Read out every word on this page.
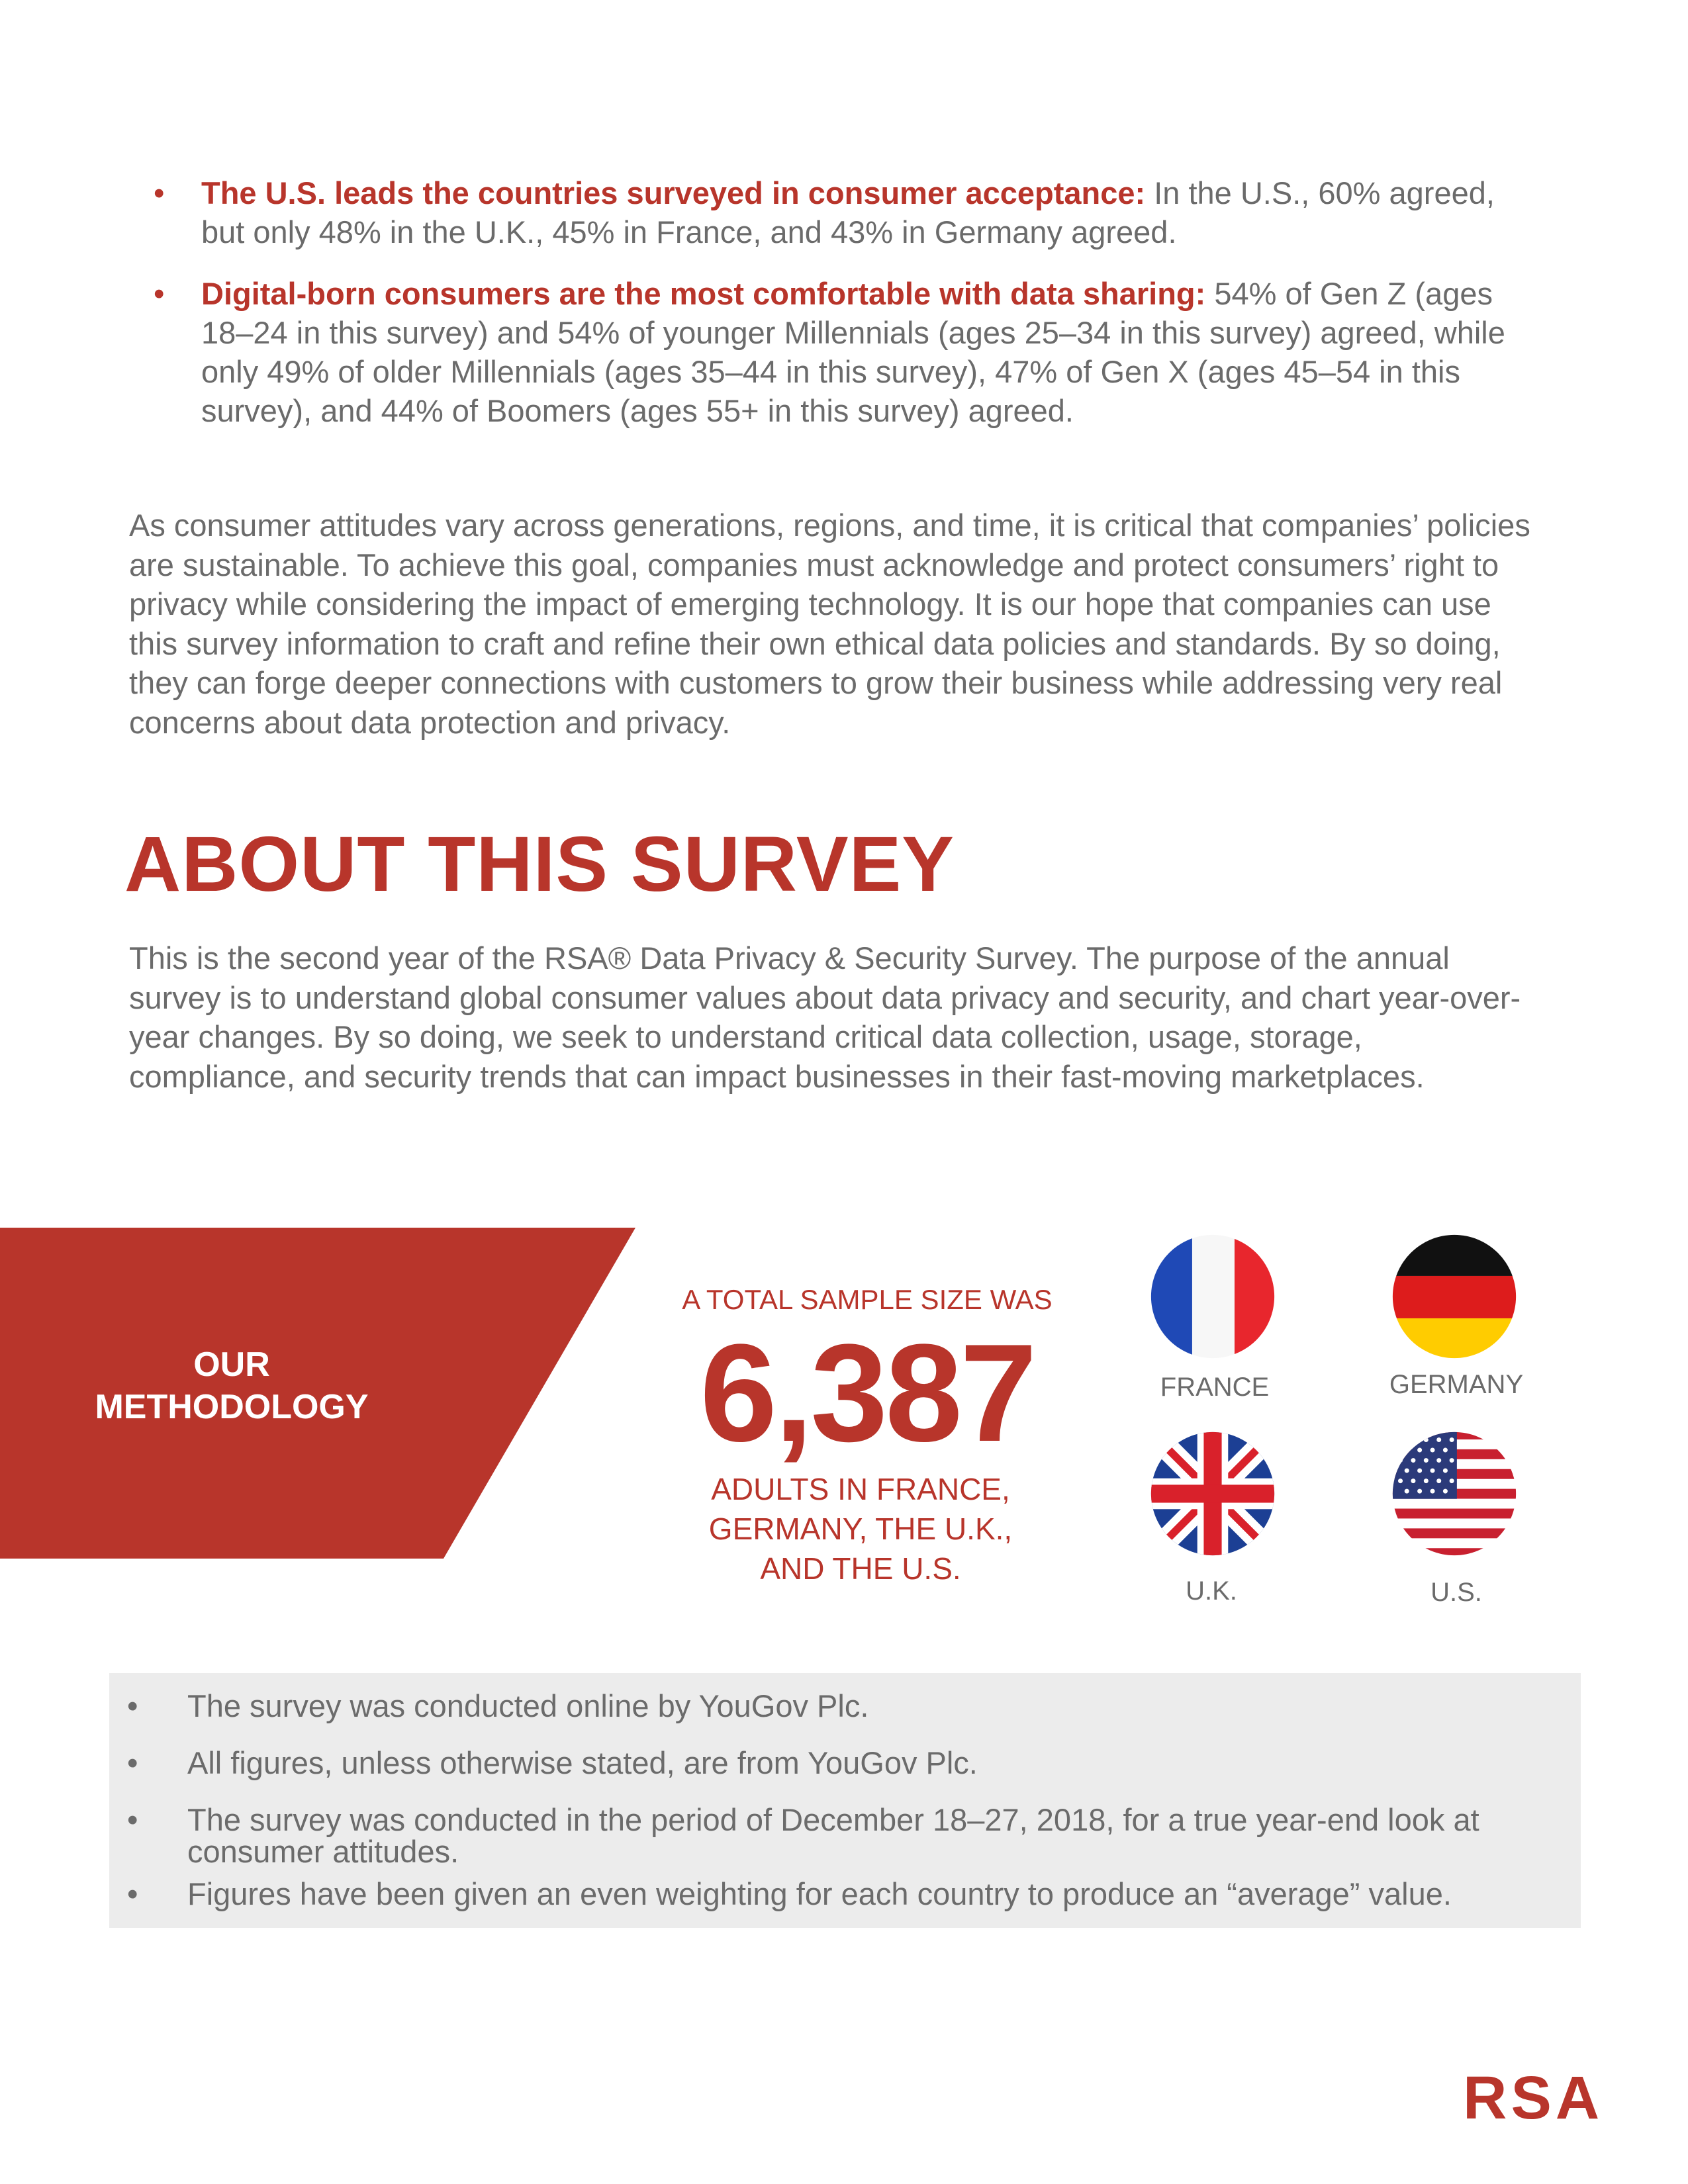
• The U.S. leads the countries surveyed in consumer acceptance: In the U.S., 60% agreed, but only 48% in the U.K., 45% in France, and 43% in Germany agreed.
• Digital-born consumers are the most comfortable with data sharing: 54% of Gen Z (ages 18–24 in this survey) and 54% of younger Millennials (ages 25–34 in this survey) agreed, while only 49% of older Millennials (ages 35–44 in this survey), 47% of Gen X (ages 45–54 in this survey), and 44% of Boomers (ages 55+ in this survey) agreed.

As consumer attitudes vary across generations, regions, and time, it is critical that companies’ policies are sustainable. To achieve this goal, companies must acknowledge and protect consumers’ right to privacy while considering the impact of emerging technology. It is our hope that companies can use this survey information to craft and refine their own ethical data policies and standards. By so doing, they can forge deeper connections with customers to grow their business while addressing very real concerns about data protection and privacy.

ABOUT THIS SURVEY

This is the second year of the RSA® Data Privacy & Security Survey. The purpose of the annual survey is to understand global consumer values about data privacy and security, and chart year-over-year changes. By so doing, we seek to understand critical data collection, usage, storage, compliance, and security trends that can impact businesses in their fast-moving marketplaces.

OUR
METHODOLOGY
A TOTAL SAMPLE SIZE WAS
6,387
ADULTS IN FRANCE,
GERMANY, THE U.K.,
AND THE U.S.
FRANCE	GERMANY
U.K.	U.S.
• The survey was conducted online by YouGov Plc.
• All figures, unless otherwise stated, are from YouGov Plc.
• The survey was conducted in the period of December 18–27, 2018, for a true year-end look at consumer attitudes.
• Figures have been given an even weighting for each country to produce an “average” value.
RSA
